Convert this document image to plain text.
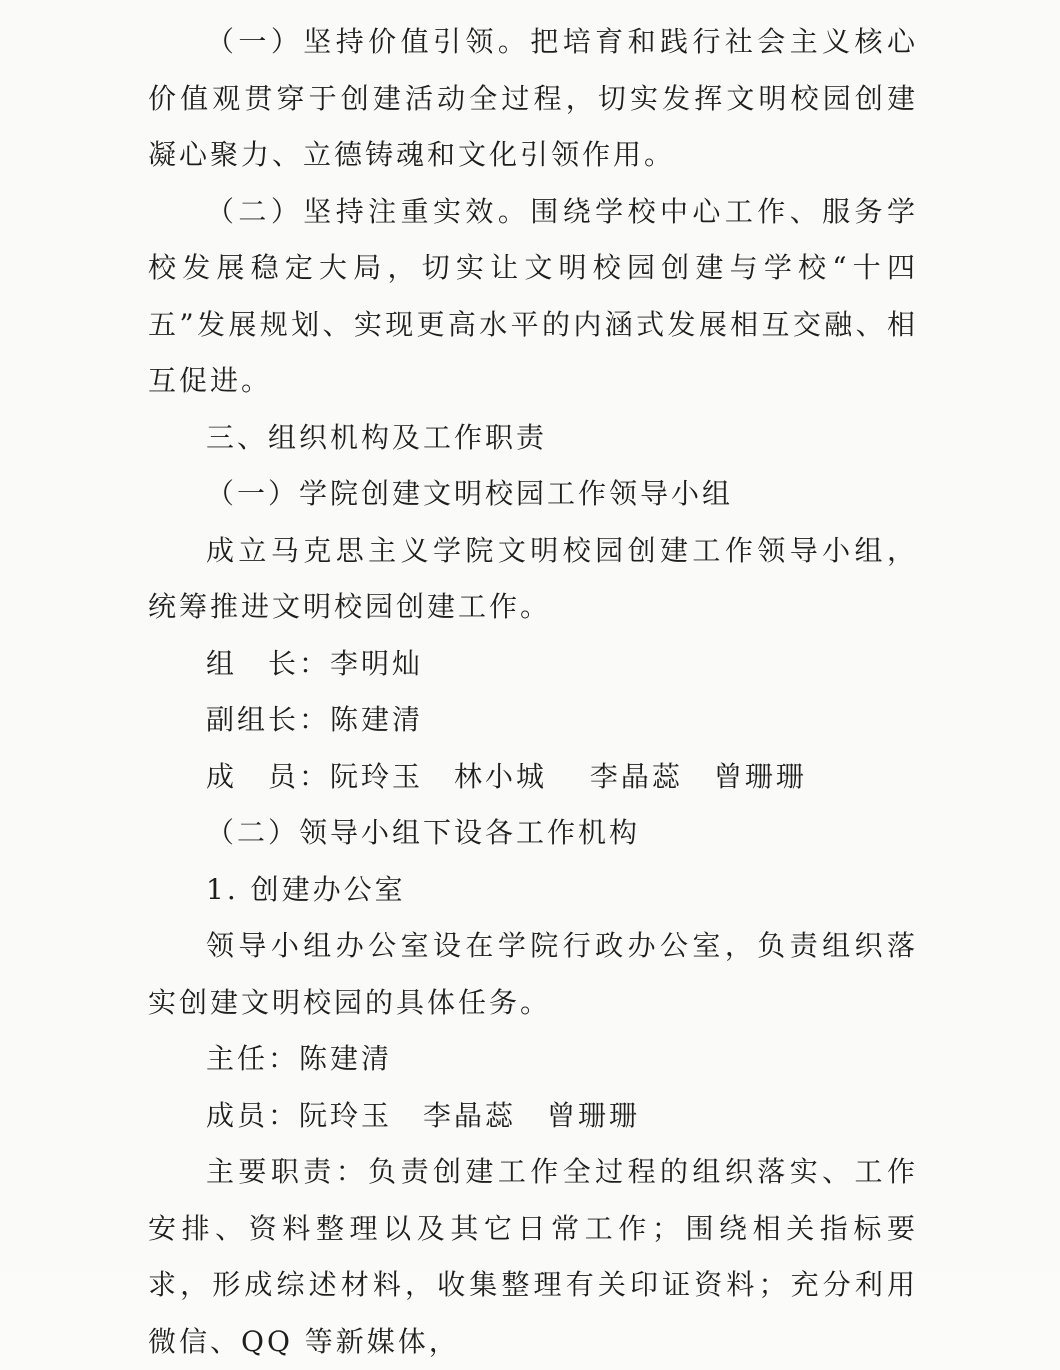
（一）坚持价值引领。把培育和践行社会主义核心价值观贯穿于创建活动全过程，切实发挥文明校园创建凝心聚力、立德铸魂和文化引领作用。

（二）坚持注重实效。围绕学校中心工作、服务学校发展稳定大局，切实让文明校园创建与学校“十四五”发展规划、实现更高水平的内涵式发展相互交融、相互促进。

三、组织机构及工作职责

（一）学院创建文明校园工作领导小组

成立马克思主义学院文明校园创建工作领导小组，统筹推进文明校园创建工作。

组　长：李明灿

副组长：陈建清

成　员：阮玲玉　林小城　 李晶蕊　曾珊珊

（二）领导小组下设各工作机构

1. 创建办公室

领导小组办公室设在学院行政办公室，负责组织落实创建文明校园的具体任务。

主任：陈建清

成员：阮玲玉　李晶蕊　曾珊珊

主要职责：负责创建工作全过程的组织落实、工作安排、资料整理以及其它日常工作；围绕相关指标要求，形成综述材料，收集整理有关印证资料；充分利用微信、QQ 等新媒体，
